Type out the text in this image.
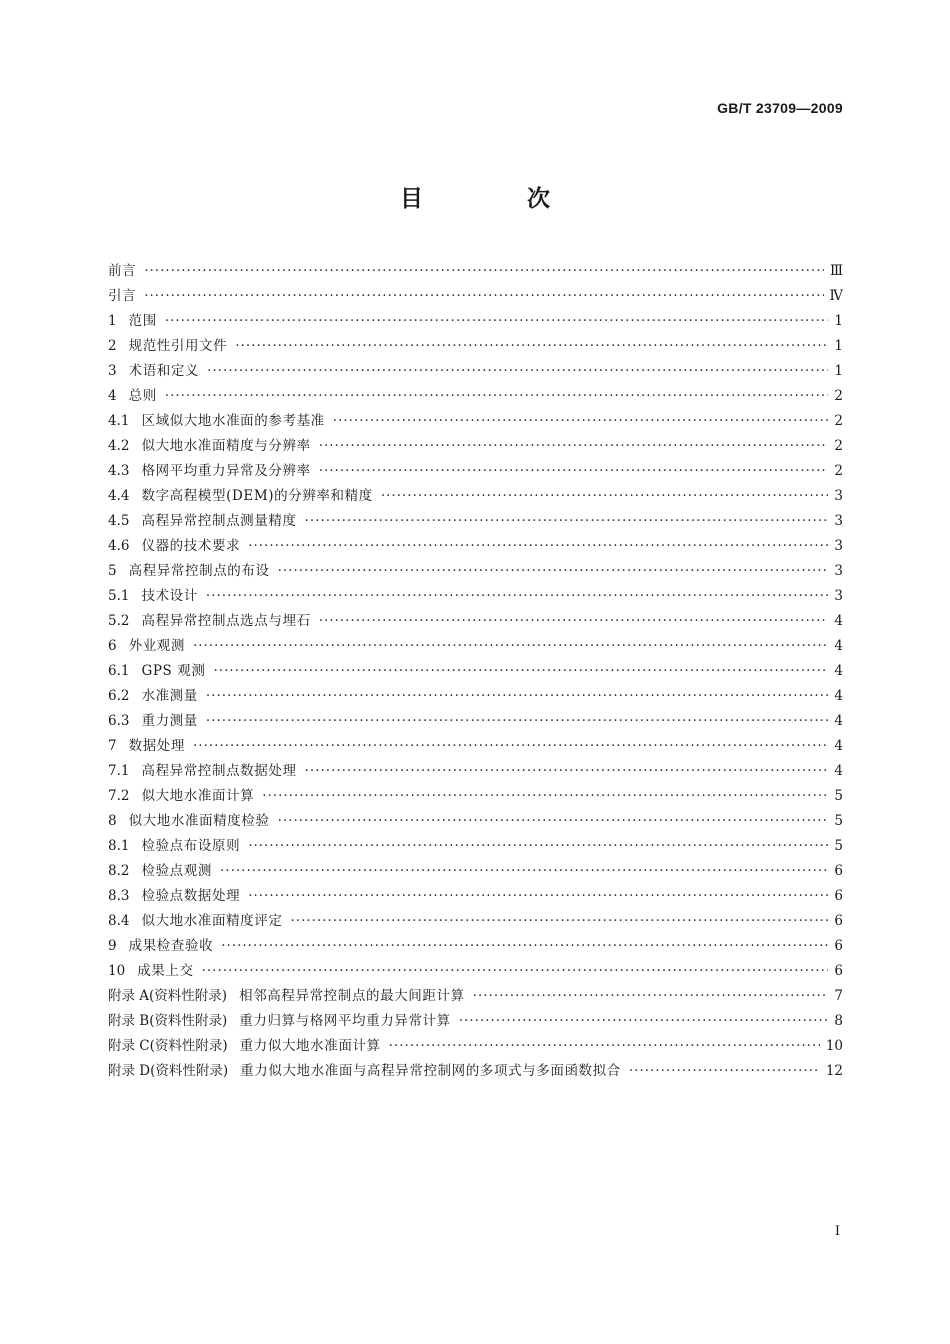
GB/T 23709—2009
目 次
前言 ·····	Ⅲ
引言 ·····	Ⅳ
1 范围 ·····	1
2 规范性引用文件 ·····	1
3 术语和定义 ·····	1
4 总则 ·····	2
4.1 区域似大地水准面的参考基准 ·····	2
4.2 似大地水准面精度与分辨率 ·····	2
4.3 格网平均重力异常及分辨率 ·····	2
4.4 数字高程模型(DEM)的分辨率和精度 ·····	3
4.5 高程异常控制点测量精度 ·····	3
4.6 仪器的技术要求 ·····	3
5 高程异常控制点的布设 ·····	3
5.1 技术设计 ·····	3
5.2 高程异常控制点选点与埋石 ·····	4
6 外业观测 ·····	4
6.1 GPS 观测 ·····	4
6.2 水准测量 ·····	4
6.3 重力测量 ·····	4
7 数据处理 ·····	4
7.1 高程异常控制点数据处理 ·····	4
7.2 似大地水准面计算 ·····	5
8 似大地水准面精度检验 ·····	5
8.1 检验点布设原则 ·····	5
8.2 检验点观测 ·····	6
8.3 检验点数据处理 ·····	6
8.4 似大地水准面精度评定 ·····	6
9 成果检查验收 ·····	6
10 成果上交 ·····	6
附录 A(资料性附录) 相邻高程异常控制点的最大间距计算 ·····	7
附录 B(资料性附录) 重力归算与格网平均重力异常计算 ·····	8
附录 C(资料性附录) 重力似大地水准面计算 ·····	10
附录 D(资料性附录) 重力似大地水准面与高程异常控制网的多项式与多面函数拟合 ·····	12
I
